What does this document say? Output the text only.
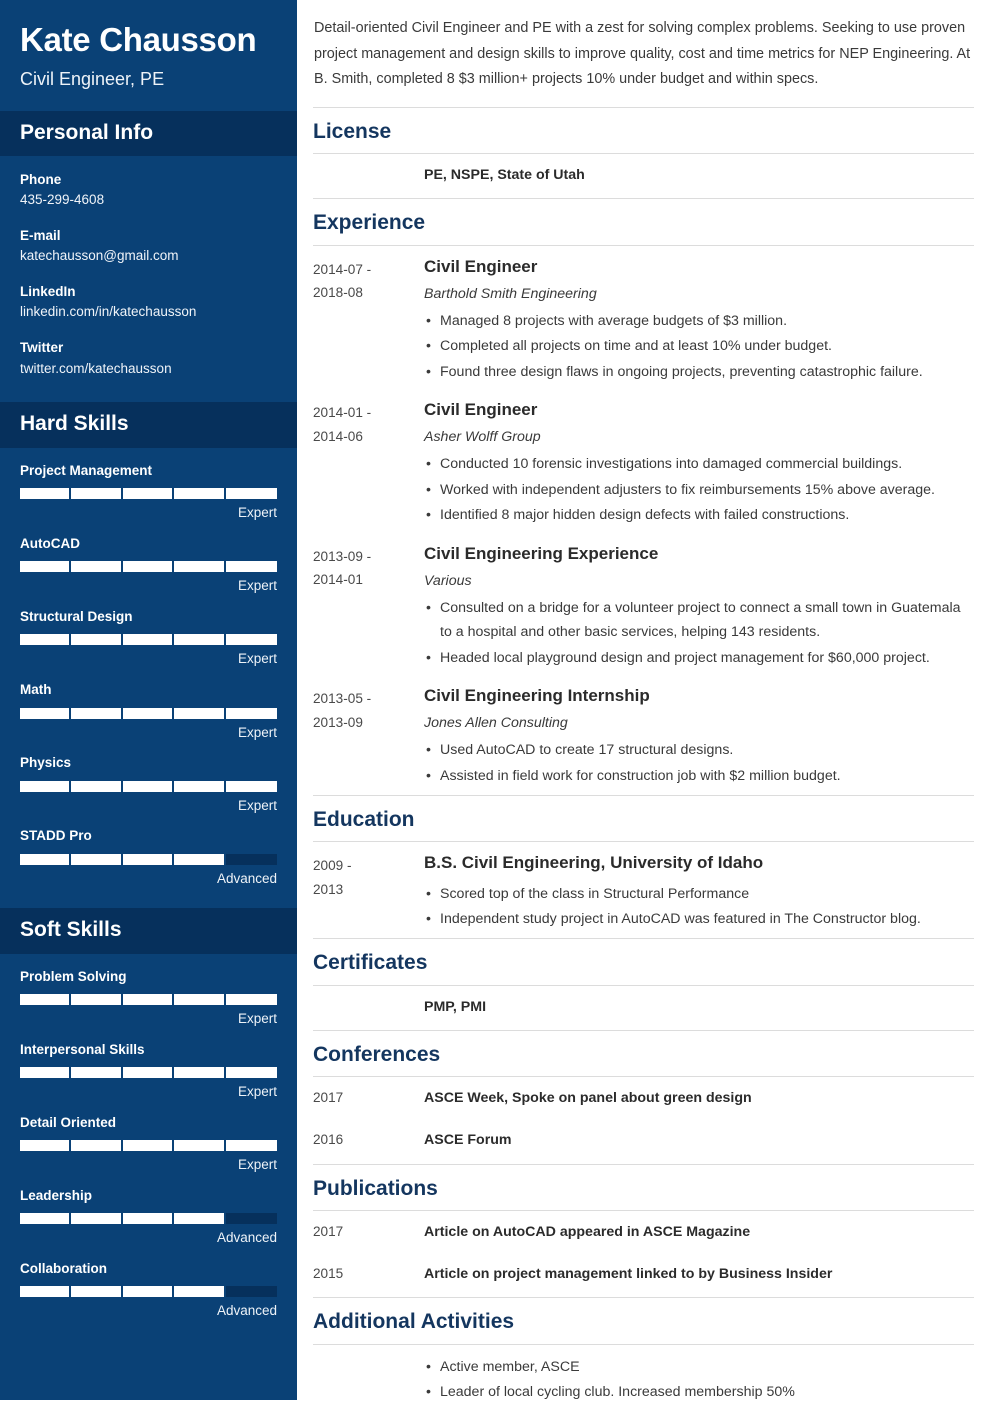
Kate Chausson
Civil Engineer, PE
Personal Info
Phone
435-299-4608
E-mail
katechausson@gmail.com
LinkedIn
linkedin.com/in/katechausson
Twitter
twitter.com/katechausson
Hard Skills
Project Management
Expert
AutoCAD
Expert
Structural Design
Expert
Math
Expert
Physics
Expert
STADD Pro
Advanced
Soft Skills
Problem Solving
Expert
Interpersonal Skills
Expert
Detail Oriented
Expert
Leadership
Advanced
Collaboration
Advanced
Detail-oriented Civil Engineer and PE with a zest for solving complex problems. Seeking to use proven project management and design skills to improve quality, cost and time metrics for NEP Engineering. At B. Smith, completed 8 $3 million+ projects 10% under budget and within specs.
License
PE, NSPE, State of Utah
Experience
2014-07 -
2018-08
Civil Engineer
Barthold Smith Engineering
• Managed 8 projects with average budgets of $3 million.
• Completed all projects on time and at least 10% under budget.
• Found three design flaws in ongoing projects, preventing catastrophic failure.
2014-01 -
2014-06
Civil Engineer
Asher Wolff Group
• Conducted 10 forensic investigations into damaged commercial buildings.
• Worked with independent adjusters to fix reimbursements 15% above average.
• Identified 8 major hidden design defects with failed constructions.
2013-09 -
2014-01
Civil Engineering Experience
Various
• Consulted on a bridge for a volunteer project to connect a small town in Guatemala to a hospital and other basic services, helping 143 residents.
• Headed local playground design and project management for $60,000 project.
2013-05 -
2013-09
Civil Engineering Internship
Jones Allen Consulting
• Used AutoCAD to create 17 structural designs.
• Assisted in field work for construction job with $2 million budget.
Education
2009 -
2013
B.S. Civil Engineering, University of Idaho
• Scored top of the class in Structural Performance
• Independent study project in AutoCAD was featured in The Constructor blog.
Certificates
PMP, PMI
Conferences
2017	ASCE Week, Spoke on panel about green design
2016	ASCE Forum
Publications
2017	Article on AutoCAD appeared in ASCE Magazine
2015	Article on project management linked to by Business Insider
Additional Activities
• Active member, ASCE
• Leader of local cycling club. Increased membership 50%
